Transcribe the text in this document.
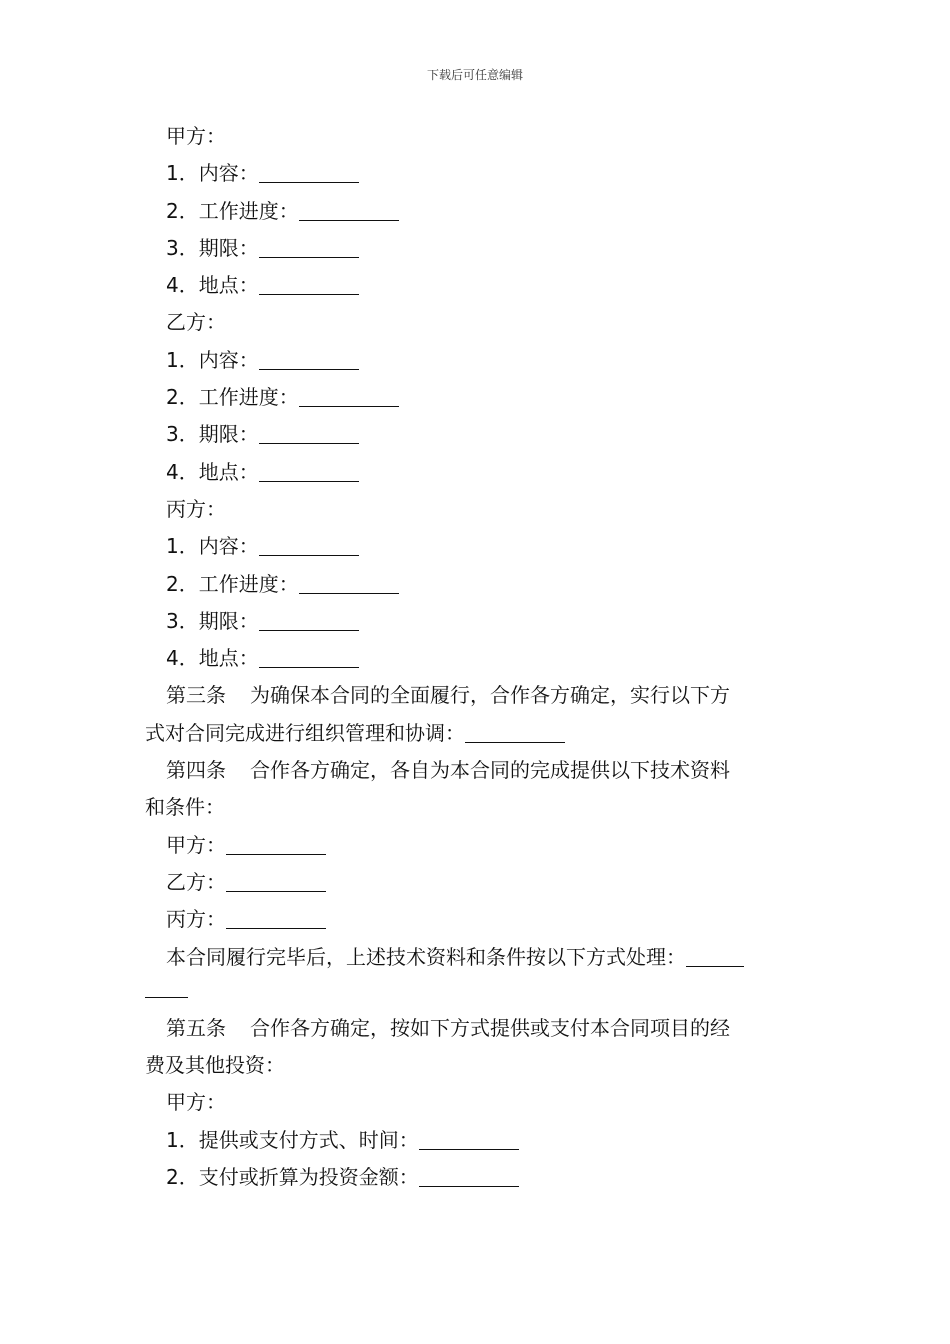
下载后可任意编辑
甲方：
1．内容：
2．工作进度：
3．期限：
4．地点：
乙方：
1．内容：
2．工作进度：
3．期限：
4．地点：
丙方：
1．内容：
2．工作进度：
3．期限：
4．地点：
第三条 为确保本合同的全面履行，合作各方确定，实行以下方
式对合同完成进行组织管理和协调：
第四条 合作各方确定，各自为本合同的完成提供以下技术资料
和条件：
甲方：
乙方：
丙方：
本合同履行完毕后，上述技术资料和条件按以下方式处理：
第五条 合作各方确定，按如下方式提供或支付本合同项目的经
费及其他投资：
甲方：
1．提供或支付方式、时间：
2．支付或折算为投资金额：
